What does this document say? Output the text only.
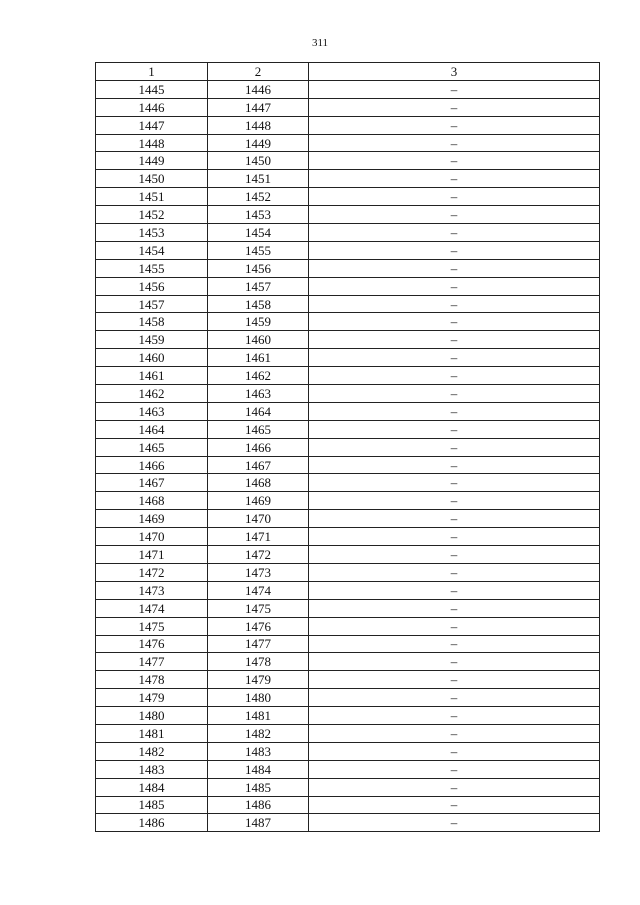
311
1	2	3
1445	1446	–
1446	1447	–
1447	1448	–
1448	1449	–
1449	1450	–
1450	1451	–
1451	1452	–
1452	1453	–
1453	1454	–
1454	1455	–
1455	1456	–
1456	1457	–
1457	1458	–
1458	1459	–
1459	1460	–
1460	1461	–
1461	1462	–
1462	1463	–
1463	1464	–
1464	1465	–
1465	1466	–
1466	1467	–
1467	1468	–
1468	1469	–
1469	1470	–
1470	1471	–
1471	1472	–
1472	1473	–
1473	1474	–
1474	1475	–
1475	1476	–
1476	1477	–
1477	1478	–
1478	1479	–
1479	1480	–
1480	1481	–
1481	1482	–
1482	1483	–
1483	1484	–
1484	1485	–
1485	1486	–
1486	1487	–
